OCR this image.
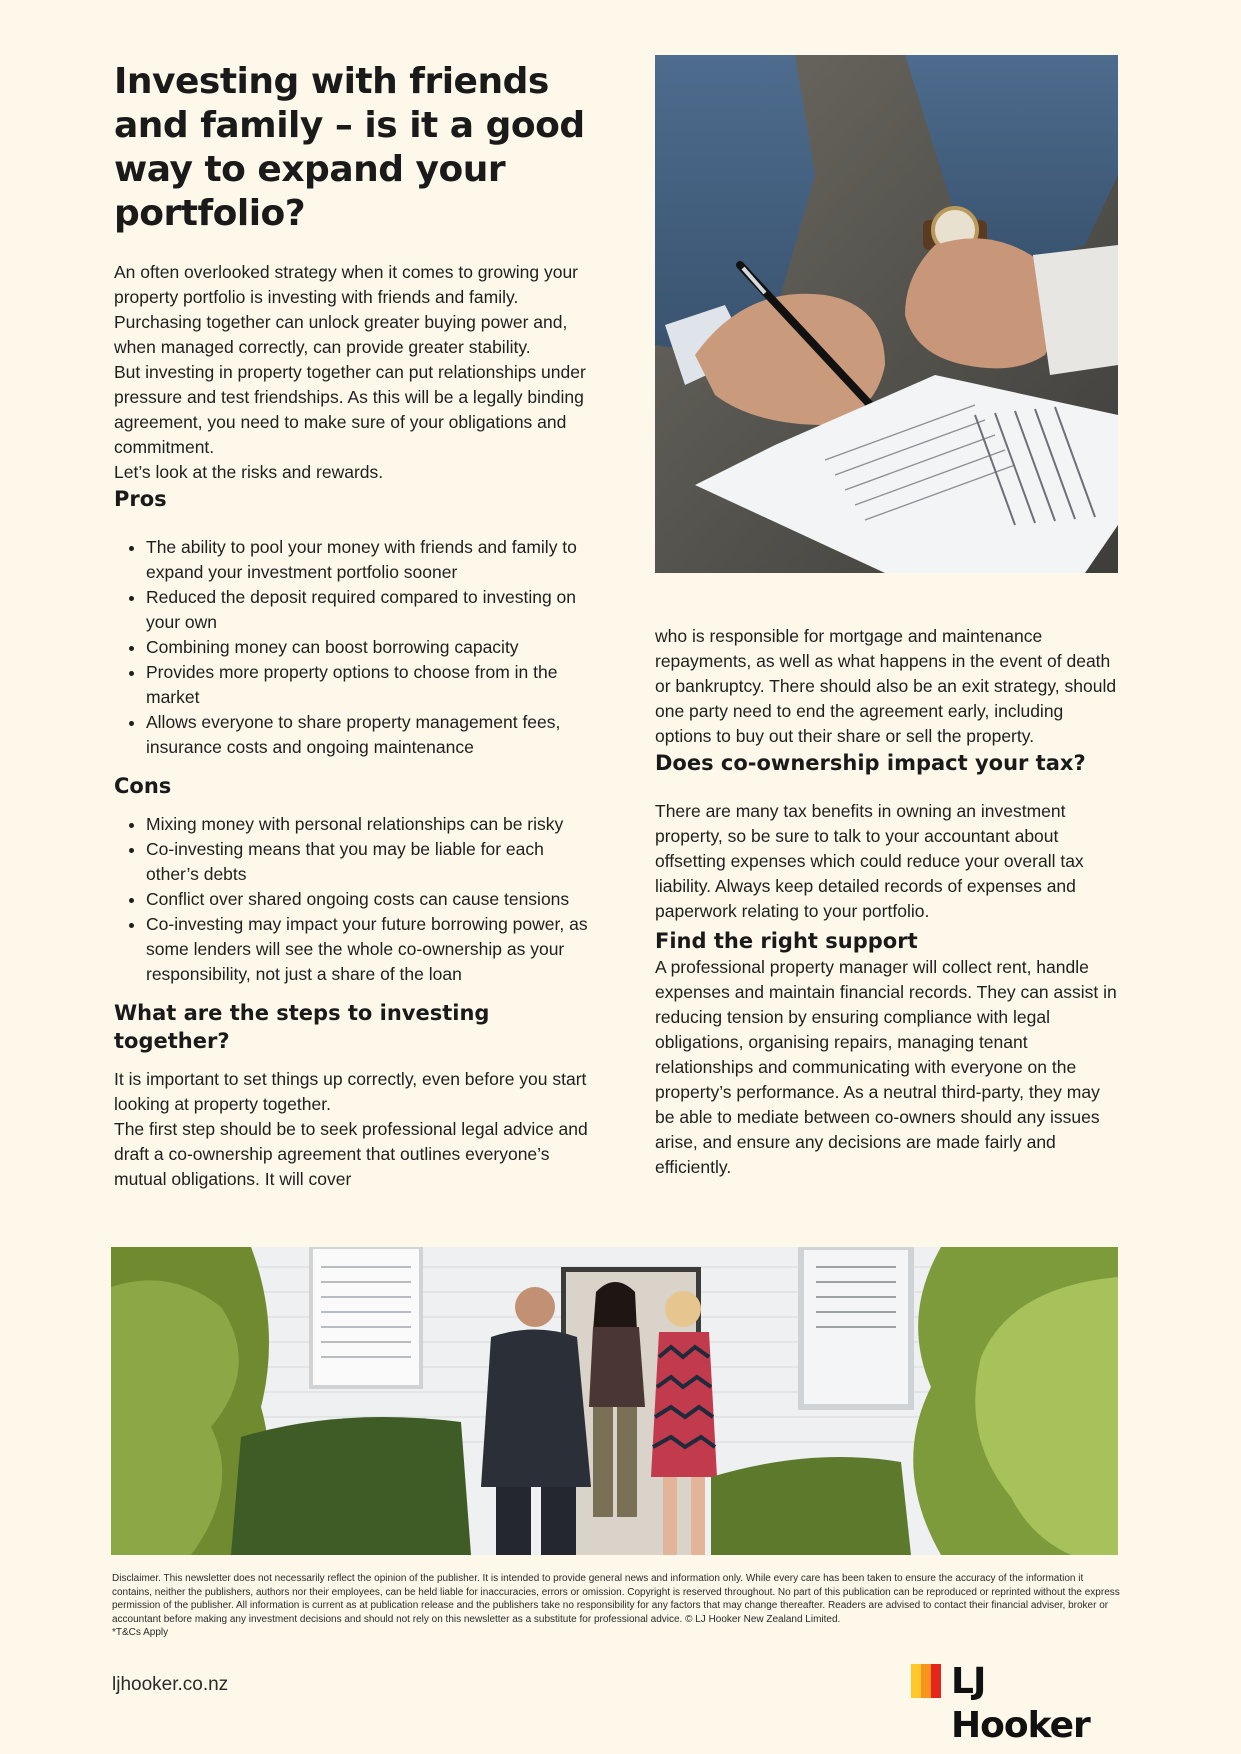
Investing with friends and family – is it a good way to expand your portfolio?

An often overlooked strategy when it comes to growing your property portfolio is investing with friends and family. Purchasing together can unlock greater buying power and, when managed correctly, can provide greater stability.

But investing in property together can put relationships under pressure and test friendships. As this will be a legally binding agreement, you need to make sure of your obligations and commitment.

Let’s look at the risks and rewards.

Pros
• The ability to pool your money with friends and family to expand your investment portfolio sooner
• Reduced the deposit required compared to investing on your own
• Combining money can boost borrowing capacity
• Provides more property options to choose from in the market
• Allows everyone to share property management fees, insurance costs and ongoing maintenance
Cons
• Mixing money with personal relationships can be risky
• Co-investing means that you may be liable for each other’s debts
• Conflict over shared ongoing costs can cause tensions
• Co-investing may impact your future borrowing power, as some lenders will see the whole co-ownership as your responsibility, not just a share of the loan
What are the steps to investing together?

It is important to set things up correctly, even before you start looking at property together.

The first step should be to seek professional legal advice and draft a co-ownership agreement that outlines everyone’s mutual obligations. It will cover

who is responsible for mortgage and maintenance repayments, as well as what happens in the event of death or bankruptcy. There should also be an exit strategy, should one party need to end the agreement early, including options to buy out their share or sell the property.

Does co-ownership impact your tax?

There are many tax benefits in owning an investment property, so be sure to talk to your accountant about offsetting expenses which could reduce your overall tax liability. Always keep detailed records of expenses and paperwork relating to your portfolio.

Find the right support

A professional property manager will collect rent, handle expenses and maintain financial records. They can assist in reducing tension by ensuring compliance with legal obligations, organising repairs, managing tenant relationships and communicating with everyone on the property’s performance. As a neutral third-party, they may be able to mediate between co-owners should any issues arise, and ensure any decisions are made fairly and efficiently.

Disclaimer. This newsletter does not necessarily reflect the opinion of the publisher. It is intended to provide general news and information only. While every care has been taken to ensure the accuracy of the information it contains, neither the publishers, authors nor their employees, can be held liable for inaccuracies, errors or omission. Copyright is reserved throughout. No part of this publication can be reproduced or reprinted without the express permission of the publisher. All information is current as at publication release and the publishers take no responsibility for any factors that may change thereafter. Readers are advised to contact their financial adviser, broker or accountant before making any investment decisions and should not rely on this newsletter as a substitute for professional advice. © LJ Hooker New Zealand Limited.
*T&Cs Apply
ljhooker.co.nz	LJ Hooker
